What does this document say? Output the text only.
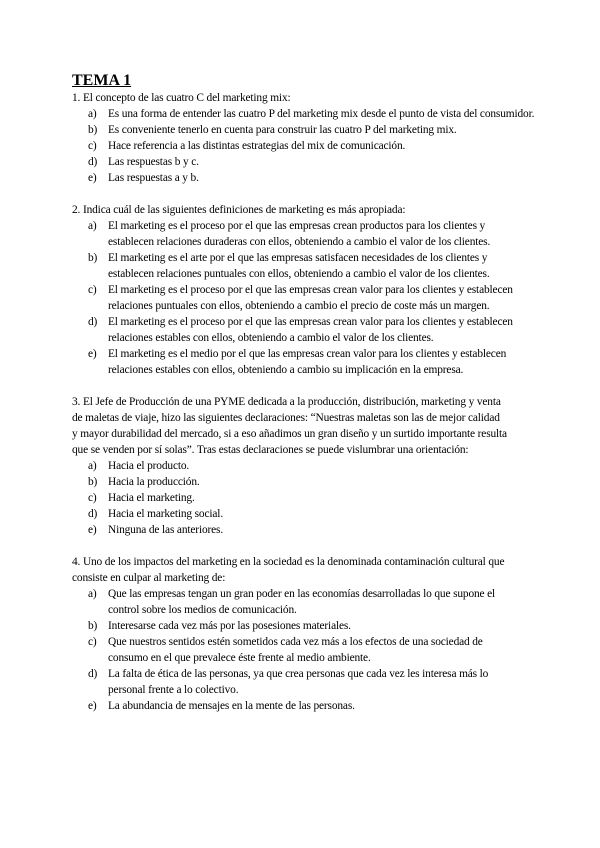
TEMA 1

1. El concepto de las cuatro C del marketing mix:
a) Es una forma de entender las cuatro P del marketing mix desde el punto de vista del consumidor.
b) Es conveniente tenerlo en cuenta para construir las cuatro P del marketing mix.
c) Hace referencia a las distintas estrategias del mix de comunicación.
d) Las respuestas b y c.
e) Las respuestas a y b.
2. Indica cuál de las siguientes definiciones de marketing es más apropiada:
a) El marketing es el proceso por el que las empresas crean productos para los clientes y
establecen relaciones duraderas con ellos, obteniendo a cambio el valor de los clientes.
b) El marketing es el arte por el que las empresas satisfacen necesidades de los clientes y
establecen relaciones puntuales con ellos, obteniendo a cambio el valor de los clientes.
c) El marketing es el proceso por el que las empresas crean valor para los clientes y establecen
relaciones puntuales con ellos, obteniendo a cambio el precio de coste más un margen.
d) El marketing es el proceso por el que las empresas crean valor para los clientes y establecen
relaciones estables con ellos, obteniendo a cambio el valor de los clientes.
e) El marketing es el medio por el que las empresas crean valor para los clientes y establecen
relaciones estables con ellos, obteniendo a cambio su implicación en la empresa.
3. El Jefe de Producción de una PYME dedicada a la producción, distribución, marketing y venta
de maletas de viaje, hizo las siguientes declaraciones: “Nuestras maletas son las de mejor calidad
y mayor durabilidad del mercado, si a eso añadimos un gran diseño y un surtido importante resulta
que se venden por sí solas”. Tras estas declaraciones se puede vislumbrar una orientación:
a) Hacia el producto.
b) Hacia la producción.
c) Hacia el marketing.
d) Hacia el marketing social.
e) Ninguna de las anteriores.
4. Uno de los impactos del marketing en la sociedad es la denominada contaminación cultural que
consiste en culpar al marketing de:
a) Que las empresas tengan un gran poder en las economías desarrolladas lo que supone el
control sobre los medios de comunicación.
b) Interesarse cada vez más por las posesiones materiales.
c) Que nuestros sentidos estén sometidos cada vez más a los efectos de una sociedad de
consumo en el que prevalece éste frente al medio ambiente.
d) La falta de ética de las personas, ya que crea personas que cada vez les interesa más lo
personal frente a lo colectivo.
e) La abundancia de mensajes en la mente de las personas.
